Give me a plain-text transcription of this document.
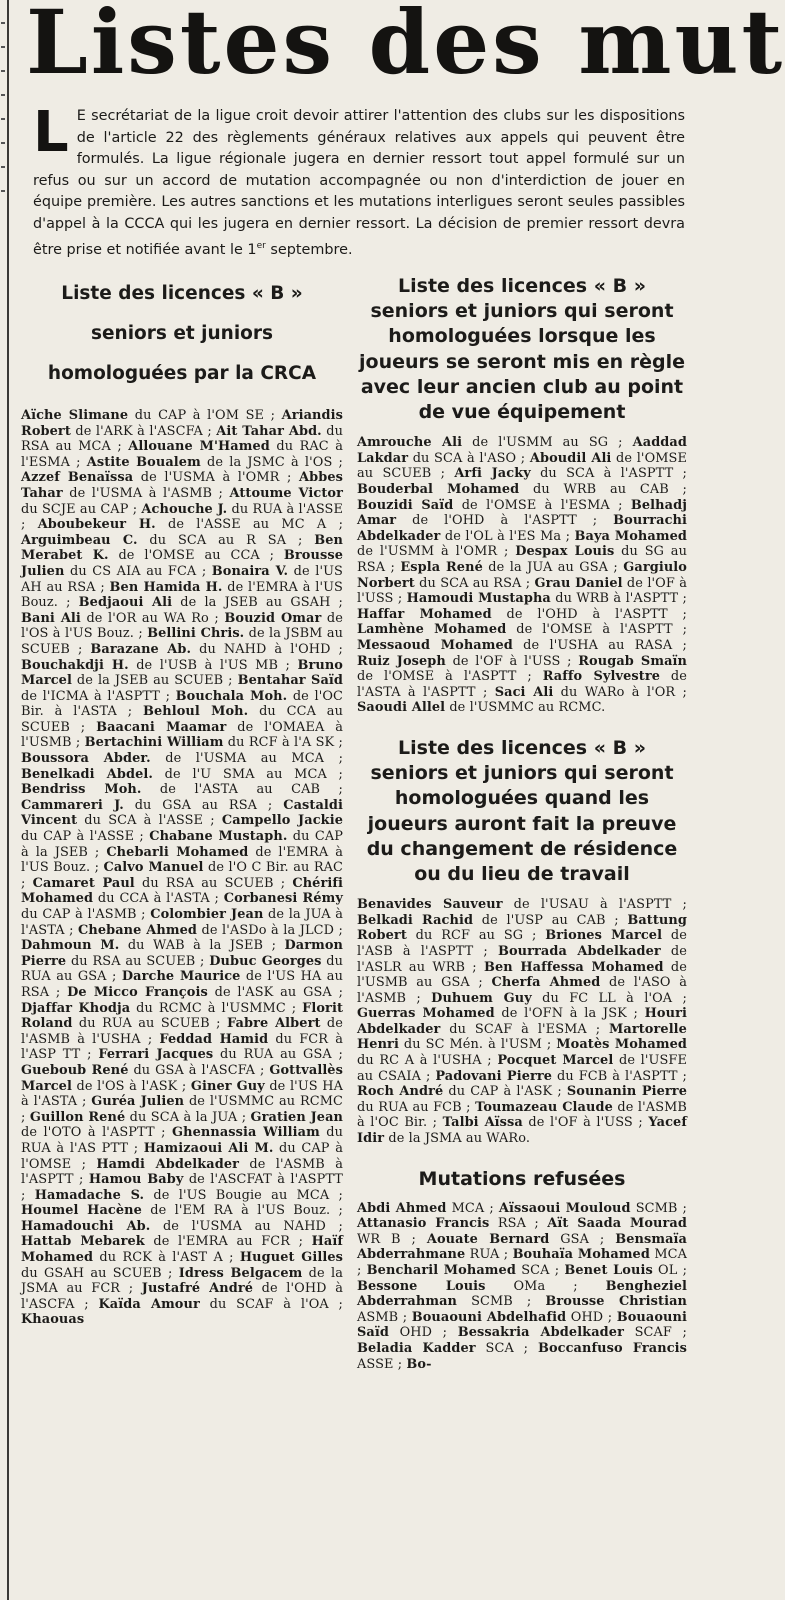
Listes des mut

L E secrétariat de la ligue croit devoir attirer l'attention des clubs sur les dispositions de l'article 22 des règlements généraux relatives aux appels qui peuvent être formulés. La ligue régionale jugera en dernier ressort tout appel formulé sur un refus ou sur un accord de mutation accompagnée ou non d'interdiction de jouer en équipe première. Les autres sanctions et les mutations interligues seront seules passibles d'appel à la CCCA qui les jugera en dernier ressort. La décision de premier ressort devra être prise et notifiée avant le 1er septembre.

Liste des licences « B » seniors et juniors homologuées par la CRCA
Aïche Slimane du CAP à l'OM SE ; Ariandis Robert de l'ARK à l'ASCFA ; Ait Tahar Abd. du RSA au MCA ; Allouane M'Hamed du RAC à l'ESMA ; Astite Boualem de la JSMC à l'OS ; Azzef Benaïssa de l'USMA à l'OMR ; Abbes Tahar de l'USMA à l'ASMB ; Attoume Victor du SCJE au CAP ; Achouche J. du RUA à l'ASSE ; Aboubekeur H. de l'ASSE au MC A ; Arguimbeau C. du SCA au R SA ; Ben Merabet K. de l'OMSE au CCA ; Brousse Julien du CS AIA au FCA ; Bonaira V. de l'US AH au RSA ; Ben Hamida H. de l'EMRA à l'US Bouz. ; Bedjaoui Ali de la JSEB au GSAH ; Bani Ali de l'OR au WA Ro ; Bouzid Omar de l'OS à l'US Bouz. ; Bellini Chris. de la JSBM au SCUEB ; Barazane Ab. du NAHD à l'OHD ; Bouchakdji H. de l'USB à l'US MB ; Bruno Marcel de la JSEB au SCUEB ; Bentahar Saïd de l'ICMA à l'ASPTT ; Bouchala Moh. de l'OC Bir. à l'ASTA ; Behloul Moh. du CCA au SCUEB ; Baacani Maamar de l'OMAEA à l'USMB ; Bertachini William du RCF à l'A SK ; Boussora Abder. de l'USMA au MCA ; Benelkadi Abdel. de l'U SMA au MCA ; Bendriss Moh. de l'ASTA au CAB ; Cammareri J. du GSA au RSA ; Castaldi Vincent du SCA à l'ASSE ; Campello Jackie du CAP à l'ASSE ; Chabane Mustaph. du CAP à la JSEB ; Chebarli Mohamed de l'EMRA à l'US Bouz. ; Calvo Manuel de l'O C Bir. au RAC ; Camaret Paul du RSA au SCUEB ; Chérifi Mohamed du CCA à l'ASTA ; Corbanesi Rémy du CAP à l'ASMB ; Colombier Jean de la JUA à l'ASTA ; Chebane Ahmed de l'ASDo à la JLCD ; Dahmoun M. du WAB à la JSEB ; Darmon Pierre du RSA au SCUEB ; Dubuc Georges du RUA au GSA ; Darche Maurice de l'US HA au RSA ; De Micco François de l'ASK au GSA ; Djaffar Khodja du RCMC à l'USMMC ; Florit Roland du RUA au SCUEB ; Fabre Albert de l'ASMB à l'USHA ; Feddad Hamid du FCR à l'ASP TT ; Ferrari Jacques du RUA au GSA ; Gueboub René du GSA à l'ASCFA ; Gottvallès Marcel de l'OS à l'ASK ; Giner Guy de l'US HA à l'ASTA ; Guréa Julien de l'USMMC au RCMC ; Guillon René du SCA à la JUA ; Gratien Jean de l'OTO à l'ASPTT ; Ghennassia William du RUA à l'AS PTT ; Hamizaoui Ali M. du CAP à l'OMSE ; Hamdi Abdelkader de l'ASMB à l'ASPTT ; Hamou Baby de l'ASCFAT à l'ASPTT ; Hamadache S. de l'US Bougie au MCA ; Houmel Hacène de l'EM RA à l'US Bouz. ; Hamadouchi Ab. de l'USMA au NAHD ; Hattab Mebarek de l'EMRA au FCR ; Haïf Mohamed du RCK à l'AST A ; Huguet Gilles du GSAH au SCUEB ; Idress Belgacem de la JSMA au FCR ; Justafré André de l'OHD à l'ASCFA ; Kaïda Amour du SCAF à l'OA ; Khaouas
Liste des licences « B » seniors et juniors qui seront homologuées lorsque les joueurs se seront mis en règle avec leur ancien club au point de vue équipement
Amrouche Ali de l'USMM au SG ; Aaddad Lakdar du SCA à l'ASO ; Aboudil Ali de l'OMSE au SCUEB ; Arfi Jacky du SCA à l'ASPTT ; Bouderbal Mohamed du WRB au CAB ; Bouzidi Saïd de l'OMSE à l'ESMA ; Belhadj Amar de l'OHD à l'ASPTT ; Bourrachi Abdelkader de l'OL à l'ES Ma ; Baya Mohamed de l'USMM à l'OMR ; Despax Louis du SG au RSA ; Espla René de la JUA au GSA ; Gargiulo Norbert du SCA au RSA ; Grau Daniel de l'OF à l'USS ; Hamoudi Mustapha du WRB à l'ASPTT ; Haffar Mohamed de l'OHD à l'ASPTT ; Lamhène Mohamed de l'OMSE à l'ASPTT ; Messaoud Mohamed de l'USHA au RASA ; Ruiz Joseph de l'OF à l'USS ; Rougab Smaïn de l'OMSE à l'ASPTT ; Raffo Sylvestre de l'ASTA à l'ASPTT ; Saci Ali du WARo à l'OR ; Saoudi Allel de l'USMMC au RCMC.
Liste des licences « B » seniors et juniors qui seront homologuées quand les joueurs auront fait la preuve du changement de résidence ou du lieu de travail
Benavides Sauveur de l'USAU à l'ASPTT ; Belkadi Rachid de l'USP au CAB ; Battung Robert du RCF au SG ; Briones Marcel de l'ASB à l'ASPTT ; Bourrada Abdelkader de l'ASLR au WRB ; Ben Haffessa Mohamed de l'USMB au GSA ; Cherfa Ahmed de l'ASO à l'ASMB ; Duhuem Guy du FC LL à l'OA ; Guerras Mohamed de l'OFN à la JSK ; Houri Abdelkader du SCAF à l'ESMA ; Martorelle Henri du SC Mén. à l'USM ; Moatès Mohamed du RC A à l'USHA ; Pocquet Marcel de l'USFE au CSAIA ; Padovani Pierre du FCB à l'ASPTT ; Roch André du CAP à l'ASK ; Sounanin Pierre du RUA au FCB ; Toumazeau Claude de l'ASMB à l'OC Bir. ; Talbi Aïssa de l'OF à l'USS ; Yacef Idir de la JSMA au WARo.
Mutations refusées
Abdi Ahmed MCA ; Aïssaoui Mouloud SCMB ; Attanasio Francis RSA ; Aït Saada Mourad WR B ; Aouate Bernard GSA ; Bensmaïa Abderrahmane RUA ; Bouhaïa Mohamed MCA ; Bencharil Mohamed SCA ; Benet Louis OL ; Bessone Louis OMa ; Bengheziel Abderrahman SCMB ; Brousse Christian ASMB ; Bouaouni Abdelhafid OHD ; Bouaouni Saïd OHD ; Bessakria Abdelkader SCAF ; Beladia Kadder SCA ; Boccanfuso Francis ASSE ; Bo-
